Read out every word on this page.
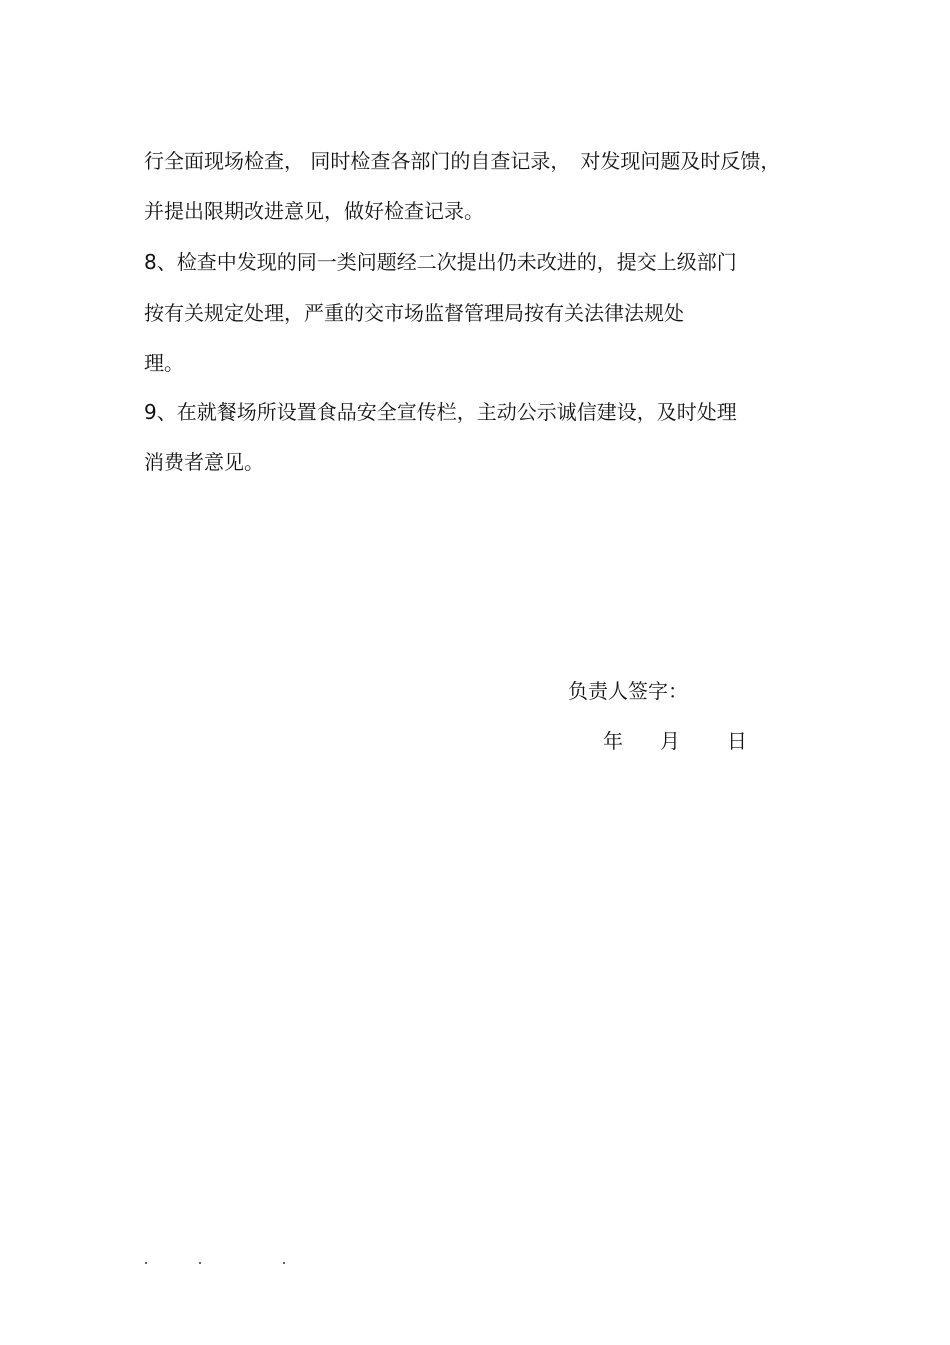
行全面现场检查， 同时检查各部门的自查记录，　对发现问题及时反馈，

并提出限期改进意见，做好检查记录。

8、检查中发现的同一类问题经二次提出仍未改进的，提交上级部门

按有关规定处理，严重的交市场监督管理局按有关法律法规处

理。

9、在就餐场所设置食品安全宣传栏，主动公示诚信建设，及时处理

消费者意见。

负责人签字：
年 月 日
